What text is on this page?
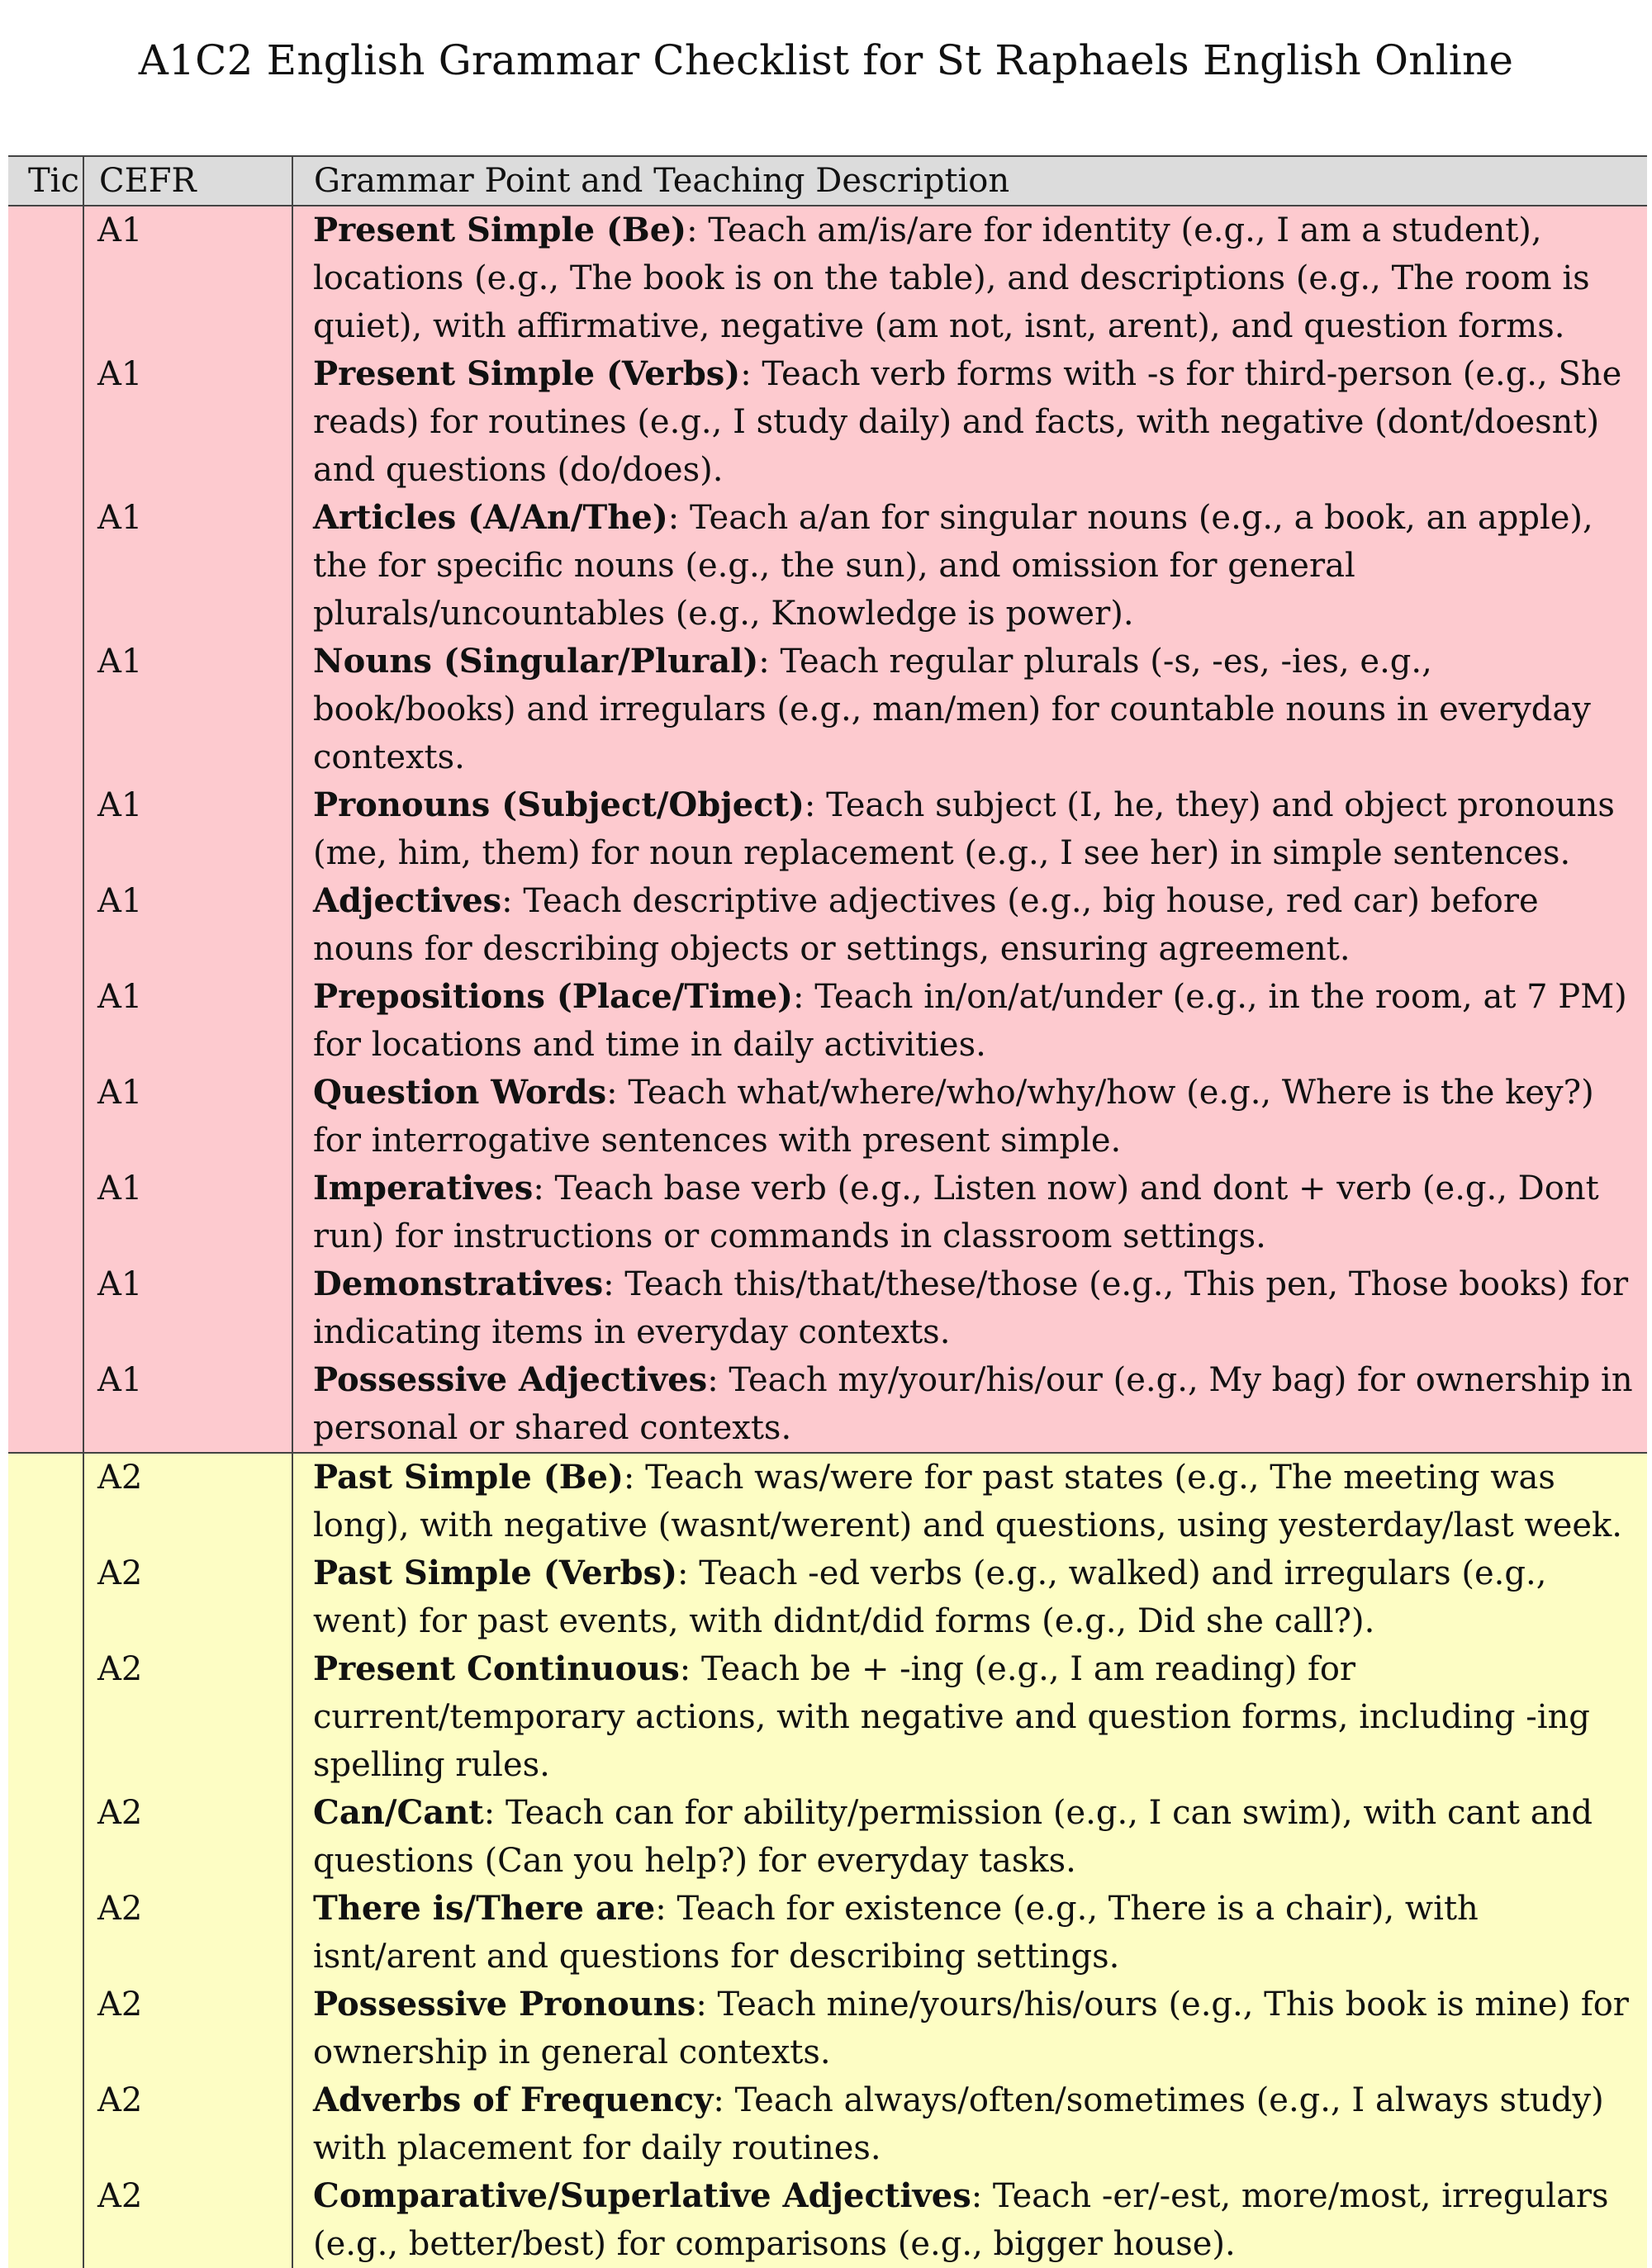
A1C2 English Grammar Checklist for St Raphaels English Online
Tic	CEFR	Grammar Point and Teaching Description
	A1	Present Simple (Be): Teach am/is/are for identity (e.g., I am a student), locations (e.g., The book is on the table), and descriptions (e.g., The room is quiet), with affirmative, negative (am not, isnt, arent), and question forms.
	A1	Present Simple (Verbs): Teach verb forms with -s for third-person (e.g., She reads) for routines (e.g., I study daily) and facts, with negative (dont/doesnt) and questions (do/does).
	A1	Articles (A/An/The): Teach a/an for singular nouns (e.g., a book, an apple), the for specific nouns (e.g., the sun), and omission for general plurals/uncountables (e.g., Knowledge is power).
	A1	Nouns (Singular/Plural): Teach regular plurals (-s, -es, -ies, e.g., book/books) and irregulars (e.g., man/men) for countable nouns in everyday contexts.
	A1	Pronouns (Subject/Object): Teach subject (I, he, they) and object pronouns (me, him, them) for noun replacement (e.g., I see her) in simple sentences.
	A1	Adjectives: Teach descriptive adjectives (e.g., big house, red car) before nouns for describing objects or settings, ensuring agreement.
	A1	Prepositions (Place/Time): Teach in/on/at/under (e.g., in the room, at 7 PM) for locations and time in daily activities.
	A1	Question Words: Teach what/where/who/why/how (e.g., Where is the key?) for interrogative sentences with present simple.
	A1	Imperatives: Teach base verb (e.g., Listen now) and dont + verb (e.g., Dont run) for instructions or commands in classroom settings.
	A1	Demonstratives: Teach this/that/these/those (e.g., This pen, Those books) for indicating items in everyday contexts.
	A1	Possessive Adjectives: Teach my/your/his/our (e.g., My bag) for ownership in personal or shared contexts.
	A2	Past Simple (Be): Teach was/were for past states (e.g., The meeting was long), with negative (wasnt/werent) and questions, using yesterday/last week.
	A2	Past Simple (Verbs): Teach -ed verbs (e.g., walked) and irregulars (e.g., went) for past events, with didnt/did forms (e.g., Did she call?).
	A2	Present Continuous: Teach be + -ing (e.g., I am reading) for current/temporary actions, with negative and question forms, including -ing spelling rules.
	A2	Can/Cant: Teach can for ability/permission (e.g., I can swim), with cant and questions (Can you help?) for everyday tasks.
	A2	There is/There are: Teach for existence (e.g., There is a chair), with isnt/arent and questions for describing settings.
	A2	Possessive Pronouns: Teach mine/yours/his/ours (e.g., This book is mine) for ownership in general contexts.
	A2	Adverbs of Frequency: Teach always/often/sometimes (e.g., I always study) with placement for daily routines.
	A2	Comparative/Superlative Adjectives: Teach -er/-est, more/most, irregulars (e.g., better/best) for comparisons (e.g., bigger house).
